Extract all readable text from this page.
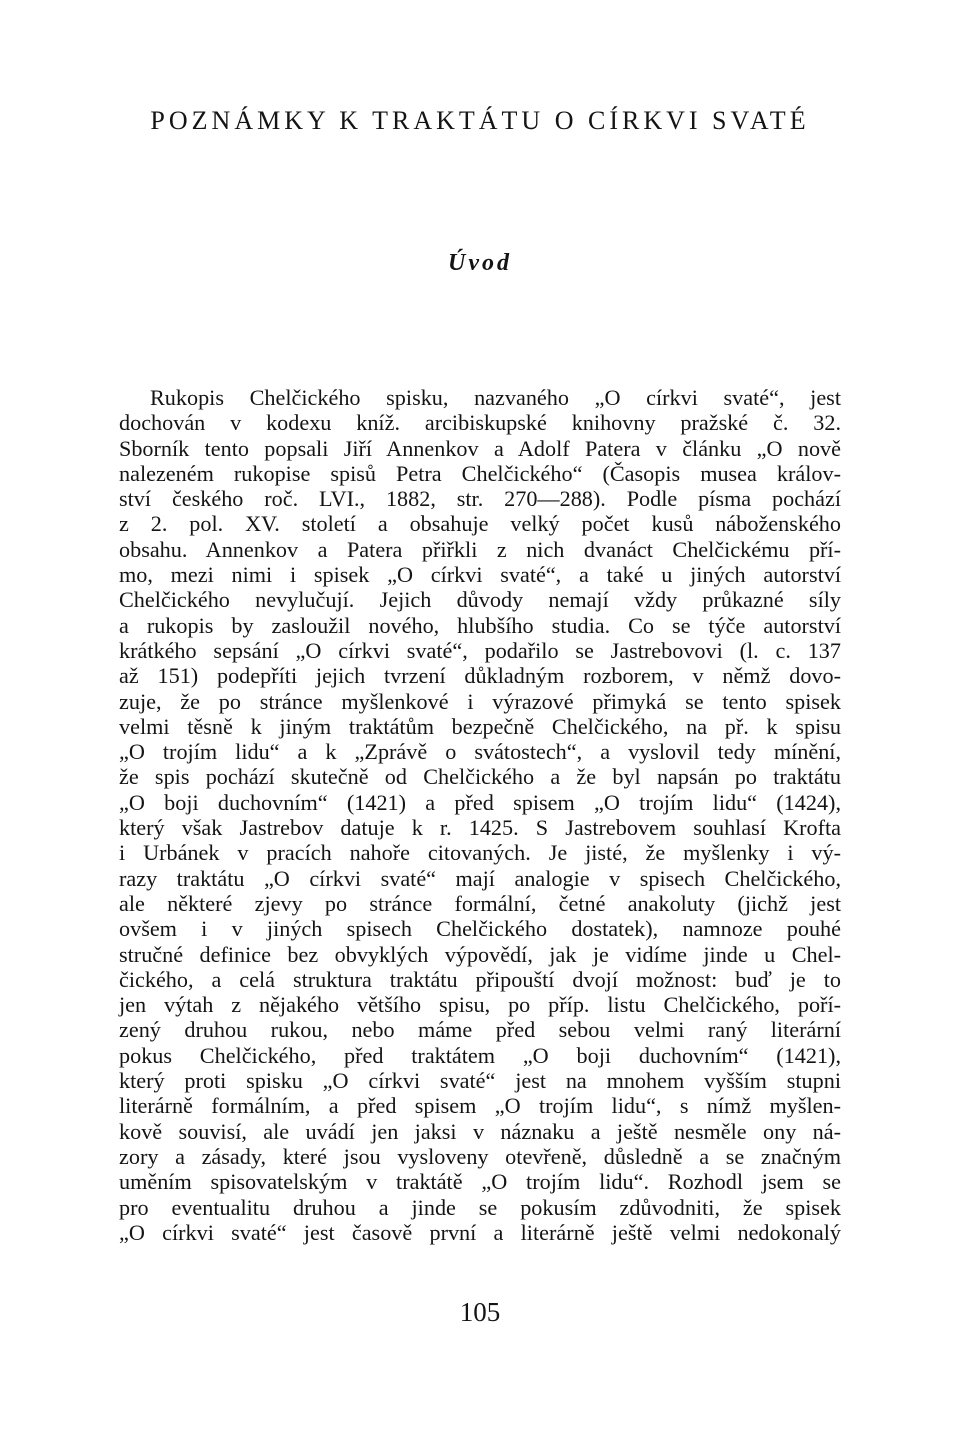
POZNÁMKY K TRAKTÁTU O CÍRKVI SVATÉ
Úvod
Rukopis Chelčického spisku, nazvaného „O církvi svaté“, jest
dochován v kodexu kníž. arcibiskupské knihovny pražské č. 32.
Sborník tento popsali Jiří Annenkov a Adolf Patera v článku „O nově
nalezeném rukopise spisů Petra Chelčického“ (Časopis musea králov-
ství českého roč. LVI., 1882, str. 270—288). Podle písma pochází
z 2. pol. XV. století a obsahuje velký počet kusů náboženského
obsahu. Annenkov a Patera přiřkli z nich dvanáct Chelčickému pří-
mo, mezi nimi i spisek „O církvi svaté“, a také u jiných autorství
Chelčického nevylučují. Jejich důvody nemají vždy průkazné síly
a rukopis by zasloužil nového, hlubšího studia. Co se týče autorství
krátkého sepsání „O církvi svaté“, podařilo se Jastrebovovi (l. c. 137
až 151) podepříti jejich tvrzení důkladným rozborem, v němž dovo-
zuje, že po stránce myšlenkové i výrazové přimyká se tento spisek
velmi těsně k jiným traktátům bezpečně Chelčického, na př. k spisu
„O trojím lidu“ a k „Zprávě o svátostech“, a vyslovil tedy mínění,
že spis pochází skutečně od Chelčického a že byl napsán po traktátu
„O boji duchovním“ (1421) a před spisem „O trojím lidu“ (1424),
který však Jastrebov datuje k r. 1425. S Jastrebovem souhlasí Krofta
i Urbánek v pracích nahoře citovaných. Je jisté, že myšlenky i vý-
razy traktátu „O církvi svaté“ mají analogie v spisech Chelčického,
ale některé zjevy po stránce formální, četné anakoluty (jichž jest
ovšem i v jiných spisech Chelčického dostatek), namnoze pouhé
stručné definice bez obvyklých výpovědí, jak je vidíme jinde u Chel-
čického, a celá struktura traktátu připouští dvojí možnost: buď je to
jen výtah z nějakého většího spisu, po příp. listu Chelčického, poří-
zený druhou rukou, nebo máme před sebou velmi raný literární
pokus Chelčického, před traktátem „O boji duchovním“ (1421),
který proti spisku „O církvi svaté“ jest na mnohem vyšším stupni
literárně formálním, a před spisem „O trojím lidu“, s nímž myšlen-
kově souvisí, ale uvádí jen jaksi v náznaku a ještě nesměle ony ná-
zory a zásady, které jsou vysloveny otevřeně, důsledně a se značným
uměním spisovatelským v traktátě „O trojím lidu“. Rozhodl jsem se
pro eventualitu druhou a jinde se pokusím zdůvodniti, že spisek
„O církvi svaté“ jest časově první a literárně ještě velmi nedokonalý
105
